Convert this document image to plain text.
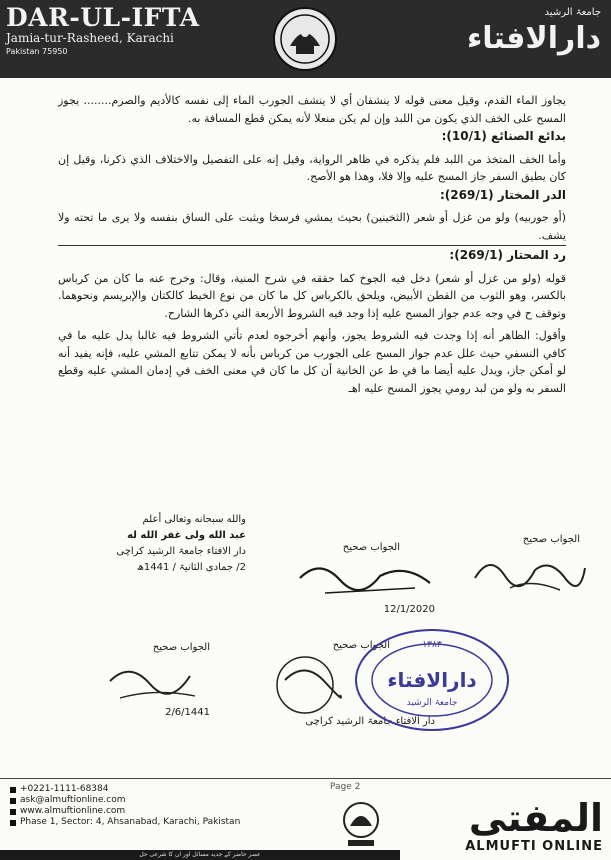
DAR-UL-IFTA
Jamia-tur-Rasheed, Karachi
Pakistan 75950
جامعۃ الرشید
دارالافتاء

يجاوز الماء القدم، وقيل معنى قوله لا ينشفان أي لا ينشف الجورب الماء إلى نفسه كالأديم والصرم........ يجوز المسح على الخف الذي يكون من اللبد وإن لم يكن منعلا لأنه يمكن قطع المسافة به.

بدائع الصنائع (10/1):

وأما الخف المتخذ من اللبد فلم يذكره في ظاهر الرواية، وقيل إنه على التفصيل والاختلاف الذي ذكرنا، وقيل إن كان يطيق السفر جاز المسح عليه وإلا فلا، وهذا هو الأصح.

الدر المختار (269/1):

(أو جوربيه) ولو من غزل أو شعر (الثخينين) بحيث يمشي فرسخا ويثبت على الساق بنفسه ولا يرى ما تحته ولا يشف.

رد المحتار (269/1):

قوله (ولو من غزل أو شعر) دخل فيه الجوخ كما حققه في شرح المنية، وقال: وخرج عنه ما كان من كرباس بالكسر، وهو الثوب من القطن الأبيض، ويلحق بالكرباس كل ما كان من نوع الخيط كالكتان والإبريسم ونحوهما. وتوقف ح في وجه عدم جواز المسح عليه إذا وجد فيه الشروط الأربعة التي ذكرها الشارح.

وأقول: الظاهر أنه إذا وجدت فيه الشروط يجوز، وأنهم أخرجوه لعدم تأتي الشروط فيه غالبا يدل عليه ما في كافي النسفي حيث علل عدم جواز المسح على الجورب من كرباس بأنه لا يمكن تتابع المشي عليه، فإنه يفيد أنه لو أمكن جاز، ويدل عليه أيضا ما في ط عن الخانية أن كل ما كان في معنى الخف في إدمان المشي عليه وقطع السفر به ولو من لبد رومي يجوز المسح عليه اهـ

والله سبحانه وتعالى أعلم
عبد الله ولی غفر الله له
دار الافتاء جامعۃ الرشید کراچی
2/ جمادی الثانیۃ / 1441ھ
الجواب صحیح
الجواب صحیح
12/1/2020
الجواب صحیح
2/6/1441
الجواب صحیح
دار الافتاء جامعۃ الرشید کراچی
دارالافتاء
جامعۃ الرشید
۱۳۸۳
+0221-1111-68384
ask@almuftionline.com
www.almuftionline.com
Phase 1, Sector: 4, Ahsanabad, Karachi, Pakistan
Page 2
المفتی
ALMUFTI ONLINE
عصر حاضر کے جدید مسائل اور ان کا شرعی حل
